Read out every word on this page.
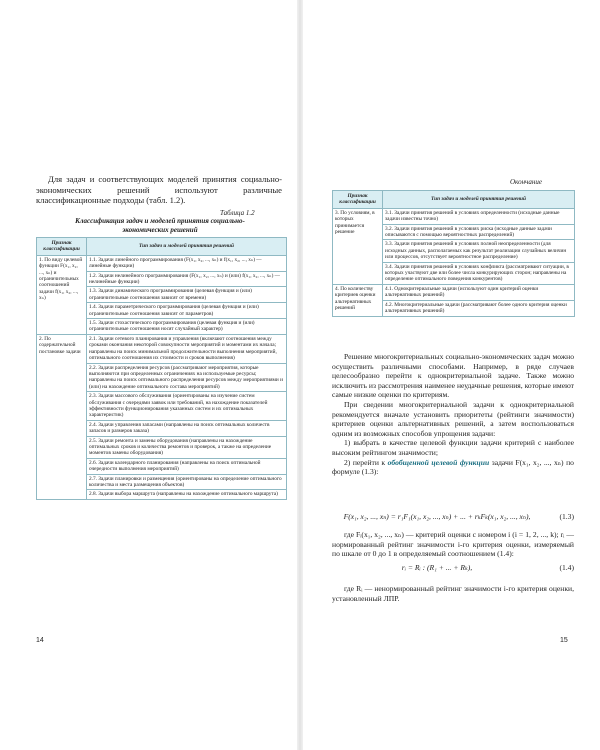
Для задач и соответствующих моделей принятия социально-экономических решений используют различные классификационные подходы (табл. 1.2).
Таблица 1.2
Классификация задач и моделей принятия социально-экономических решений
Признак классификации	Тип задач и моделей принятия решений
1. По виду целевой функции F(x₁, x₂, ..., xₙ) и ограничительных соотношений задачи f(x₁, x₂, ..., xₙ)	1.1. Задачи линейного программирования (F(x₁, x₂, ..., xₙ) и f(x₁, x₂, ..., xₙ) — линейные функции)
	1.2. Задачи нелинейного программирования (F(x₁, x₂, ..., xₙ) и (или) f(x₁, x₂, ..., xₙ) — нелинейные функции)
	1.3. Задачи динамического программирования (целевая функция и (или) ограничительные соотношения зависят от времени)
	1.4. Задачи параметрического программирования (целевая функция и (или) ограничительные соотношения зависят от параметров)
	1.5. Задачи стохастического программирования (целевая функция и (или) ограничительные соотношения носят случайный характер)
2. По содержательной постановке задачи	2.1. Задачи сетевого планирования и управления (включают соотношения между сроками окончания некоторой совокупности мероприятий и моментами их начала; направлены на поиск минимальной продолжительности выполнения мероприятий, оптимального соотношения их стоимости и сроков выполнения)
	2.2. Задачи распределения ресурсов (рассматривают мероприятия, которые выполняются при определенных ограничениях на используемые ресурсы; направлены на поиск оптимального распределения ресурсов между мероприятиями и (или) на нахождение оптимального состава мероприятий)
	2.3. Задачи массового обслуживания (ориентированы на изучение систем обслуживания с очередями заявок или требований, на нахождение показателей эффективности функционирования указанных систем и их оптимальных характеристик)
	2.4. Задачи управления запасами (направлены на поиск оптимальных количеств запасов и размеров заказа)
	2.5. Задачи ремонта и замены оборудования (направлены на нахождение оптимальных сроков и количества ремонтов и проверок, а также на определение моментов замены оборудования)
	2.6. Задачи календарного планирования (направлены на поиск оптимальной очередности выполнения мероприятий)
	2.7. Задачи планировки и размещения (ориентированы на определение оптимального количества и места размещения объектов)
	2.8. Задачи выбора маршрута (направлены на нахождение оптимального маршрута)
14
Окончание
Признак классификации	Тип задач и моделей принятия решений
3. По условиям, в которых принимается решение	3.1. Задачи принятия решений в условиях определенности (исходные данные задачи известны точно)
	3.2. Задачи принятия решений в условиях риска (исходные данные задачи описываются с помощью вероятностных распределений)
	3.3. Задачи принятия решений в условиях полной неопределенности (для исходных данных, располагаемых как результат реализации случайных величин или процессов, отсутствует вероятностное распределение)
	3.4. Задачи принятия решений в условиях конфликта (рассматривают ситуации, в которых участвуют две или более числа конкурирующих сторон; направлены на определение оптимального поведения конкурентов)
4. По количеству критериев оценки альтернативных решений	4.1. Однокритериальные задачи (используют один критерий оценки альтернативных решений)
	4.2. Многокритериальные задачи (рассматривают более одного критерия оценки альтернативных решений)

Решение многокритериальных социально-экономических задач можно осуществить различными способами. Например, в ряде случаев целесообразно перейти к однокритериальной задаче. Также можно исключить из рассмотрения наименее неудачные решения, которые имеют самые низкие оценки по критериям.

При сведении многокритериальной задачи к однокритериальной рекомендуется вначале установить приоритеты (рейтинги значимости) критериев оценки альтернативных решений, а затем воспользоваться одним из возможных способов упрощения задачи:

1) выбрать в качестве целевой функции задачи критерий с наиболее высоким рейтингом значимости;

2) перейти к обобщенной целевой функции задачи F(x₁, x₂, ..., xₙ) по формуле (1.3):

F(x₁, x₂, ..., xₙ) = r₁F₁(x₁, x₂, ..., xₙ) + ... + rₖFₖ(x₁, x₂, ..., xₙ),	(1.3)

где Fᵢ(x₁, x₂, ..., xₙ) — критерий оценки с номером i (i = 1, 2, ..., k); rᵢ — нормированный рейтинг значимости i-го критерия оценки, измеряемый по шкале от 0 до 1 в определяемый соотношением (1.4):

rᵢ = Rᵢ : (R₁ + ... + Rₖ),	(1.4)

где Rᵢ — ненормированный рейтинг значимости i-го критерия оценки, установленный ЛПР.

15
